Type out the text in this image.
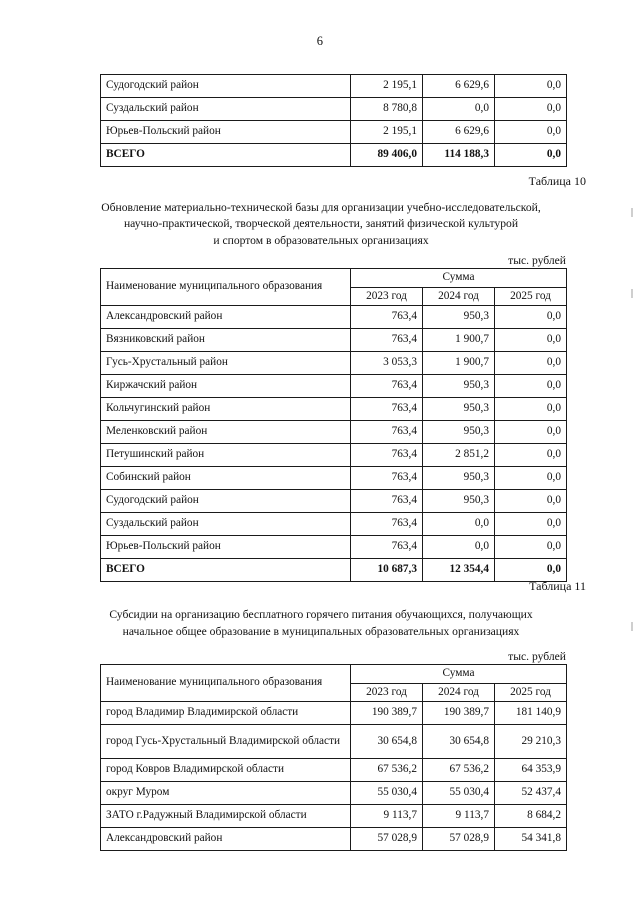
6
Судогодский район	2 195,1	6 629,6	0,0
Суздальский район	8 780,8	0,0	0,0
Юрьев-Польский район	2 195,1	6 629,6	0,0
ВСЕГО	89 406,0	114 188,3	0,0
Таблица 10
Обновление материально-технической базы для организации учебно-исследовательской,
научно-практической, творческой деятельности, занятий физической культурой
и спортом в образовательных организациях
тыс. рублей
Наименование муниципального образования	Сумма		
	2023 год	2024 год	2025 год
Александровский район	763,4	950,3	0,0
Вязниковский район	763,4	1 900,7	0,0
Гусь-Хрустальный район	3 053,3	1 900,7	0,0
Киржачский район	763,4	950,3	0,0
Кольчугинский район	763,4	950,3	0,0
Меленковский район	763,4	950,3	0,0
Петушинский район	763,4	2 851,2	0,0
Собинский район	763,4	950,3	0,0
Судогодский район	763,4	950,3	0,0
Суздальский район	763,4	0,0	0,0
Юрьев-Польский район	763,4	0,0	0,0
ВСЕГО	10 687,3	12 354,4	0,0
Таблица 11
Субсидии на организацию бесплатного горячего питания обучающихся, получающих
начальное общее образование в муниципальных образовательных организациях
тыс. рублей
Наименование муниципального образования	Сумма		
	2023 год	2024 год	2025 год
город Владимир Владимирской области	190 389,7	190 389,7	181 140,9
город Гусь-Хрустальный Владимирской области	30 654,8	30 654,8	29 210,3
город Ковров Владимирской области	67 536,2	67 536,2	64 353,9
округ Муром	55 030,4	55 030,4	52 437,4
ЗАТО г.Радужный Владимирской области	9 113,7	9 113,7	8 684,2
Александровский район	57 028,9	57 028,9	54 341,8
